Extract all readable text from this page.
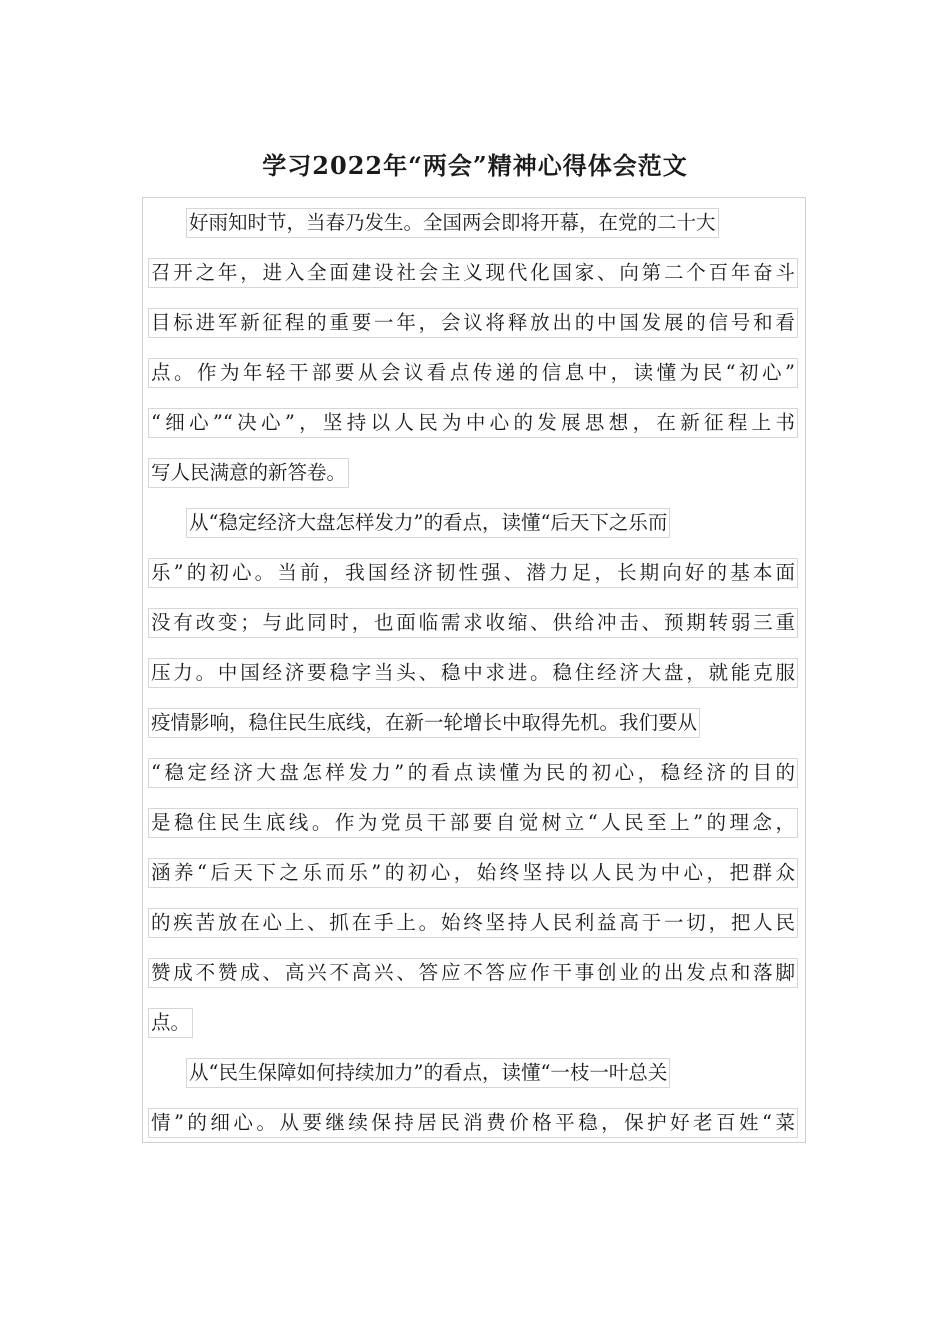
学习2022年“两会”精神心得体会范文
好雨知时节，当春乃发生。全国两会即将开幕，在党的二十大
召开之年，进入全面建设社会主义现代化国家、向第二个百年奋斗
目标进军新征程的重要一年，会议将释放出的中国发展的信号和看
点。作为年轻干部要从会议看点传递的信息中，读懂为民“初心”
“细心”“决心”，坚持以人民为中心的发展思想，在新征程上书
写人民满意的新答卷。
从“稳定经济大盘怎样发力”的看点，读懂“后天下之乐而
乐”的初心。当前，我国经济韧性强、潜力足，长期向好的基本面
没有改变；与此同时，也面临需求收缩、供给冲击、预期转弱三重
压力。中国经济要稳字当头、稳中求进。稳住经济大盘，就能克服
疫情影响，稳住民生底线，在新一轮增长中取得先机。我们要从
“稳定经济大盘怎样发力”的看点读懂为民的初心，稳经济的目的
是稳住民生底线。作为党员干部要自觉树立“人民至上”的理念，
涵养“后天下之乐而乐”的初心，始终坚持以人民为中心，把群众
的疾苦放在心上、抓在手上。始终坚持人民利益高于一切，把人民
赞成不赞成、高兴不高兴、答应不答应作干事创业的出发点和落脚
点。
从“民生保障如何持续加力”的看点，读懂“一枝一叶总关
情”的细心。从要继续保持居民消费价格平稳，保护好老百姓“菜
